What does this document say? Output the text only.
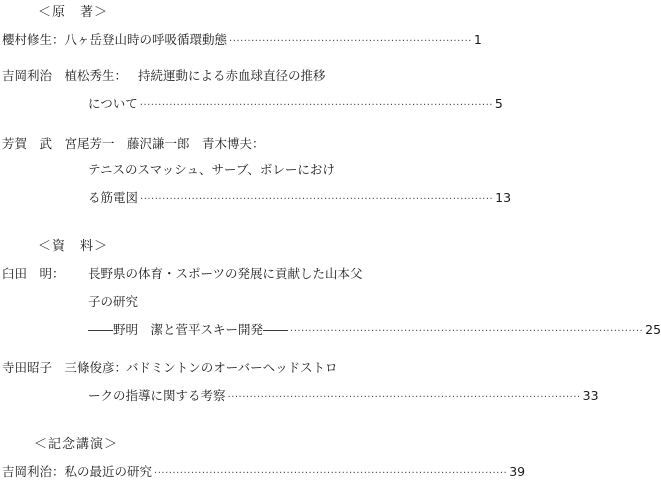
＜原　著＞
櫻村修生： 八ヶ岳登山時の呼吸循環動態 ·································································· 1
吉岡利治　植松秀生： 持続運動による赤血球直径の推移
について ································································································ 5
芳賀　武　宮尾芳一　藤沢謙一郎　青木博夫：
テニスのスマッシュ、サーブ、ボレーにおけ
る筋電図 ································································································ 13
＜資　料＞
臼田　明： 長野県の体育・スポーツの発展に貢献した山本父
子の研究
――野明　潔と菅平スキー開発―― ································································································ 25
寺田昭子　三條俊彦：
バドミントンのオーバーヘッドストロ
ークの指導に関する考察 ································································································ 33
＜記念講演＞
吉岡利治： 私の最近の研究 ································································································ 39
